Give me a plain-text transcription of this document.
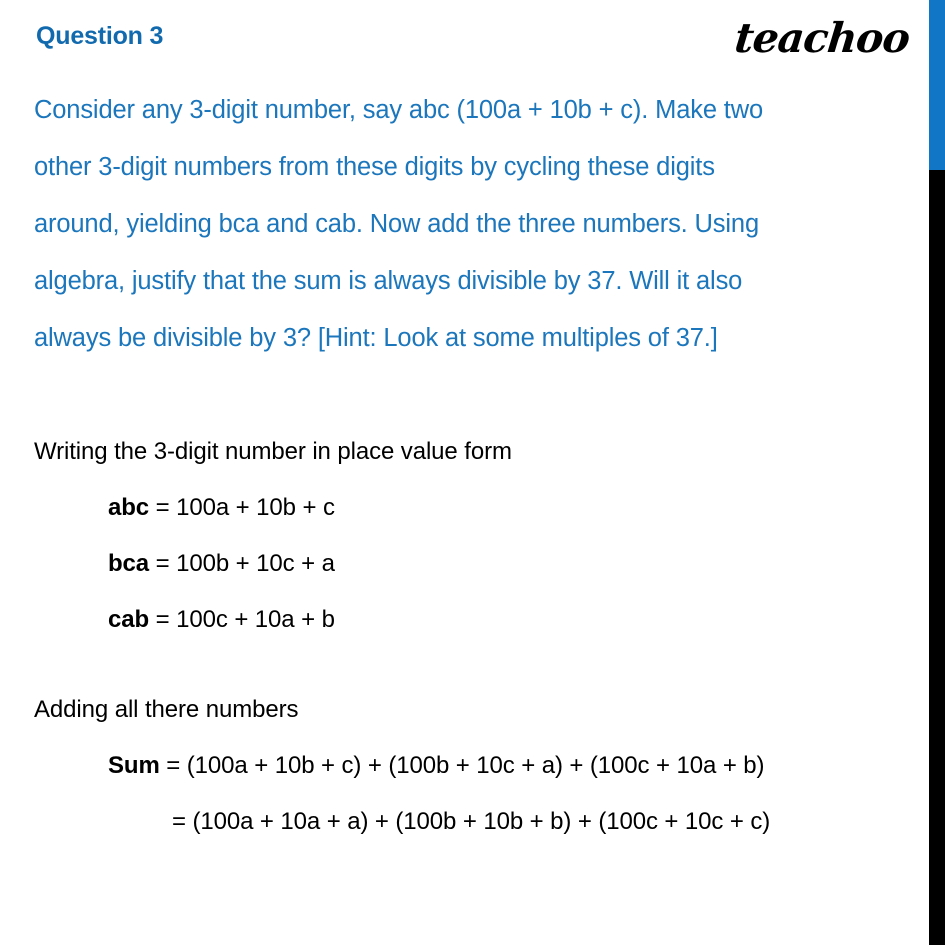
Question 3	teachoo
Consider any 3-digit number, say abc (100a + 10b + c). Make two
other 3-digit numbers from these digits by cycling these digits
around, yielding bca and cab. Now add the three numbers. Using
algebra, justify that the sum is always divisible by 37. Will it also
always be divisible by 3? [Hint: Look at some multiples of 37.]
Writing the 3-digit number in place value form
abc = 100a + 10b + c
bca = 100b + 10c + a
cab = 100c + 10a + b
Adding all there numbers
Sum = (100a + 10b + c) + (100b + 10c + a) + (100c + 10a + b)
= (100a + 10a + a) + (100b + 10b + b) + (100c + 10c + c)
